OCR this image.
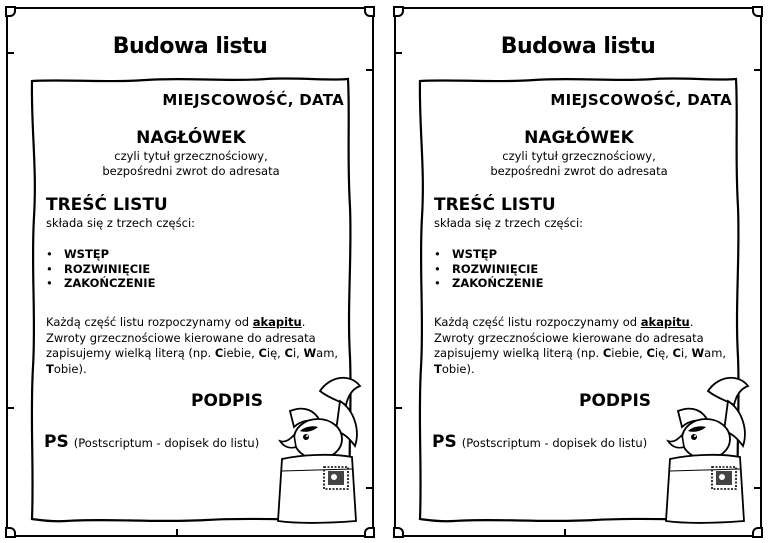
Budowa listu
MIEJSCOWOŚĆ, DATA
NAGŁÓWEK
czyli tytuł grzecznościowy,
bezpośredni zwrot do adresata
TREŚĆ LISTU
składa się z trzech części:
• WSTĘP
• ROZWINIĘCIE
• ZAKOŃCZENIE
Każdą część listu rozpoczynamy od akapitu. Zwroty grzecznościowe kierowane do adresata zapisujemy wielką literą (np. Ciebie, Cię, Ci, Wam, Tobie).
PODPIS
PS (Postscriptum - dopisek do listu)
Budowa listu
MIEJSCOWOŚĆ, DATA
NAGŁÓWEK
czyli tytuł grzecznościowy,
bezpośredni zwrot do adresata
TREŚĆ LISTU
składa się z trzech części:
• WSTĘP
• ROZWINIĘCIE
• ZAKOŃCZENIE
Każdą część listu rozpoczynamy od akapitu. Zwroty grzecznościowe kierowane do adresata zapisujemy wielką literą (np. Ciebie, Cię, Ci, Wam, Tobie).
PODPIS
PS (Postscriptum - dopisek do listu)
